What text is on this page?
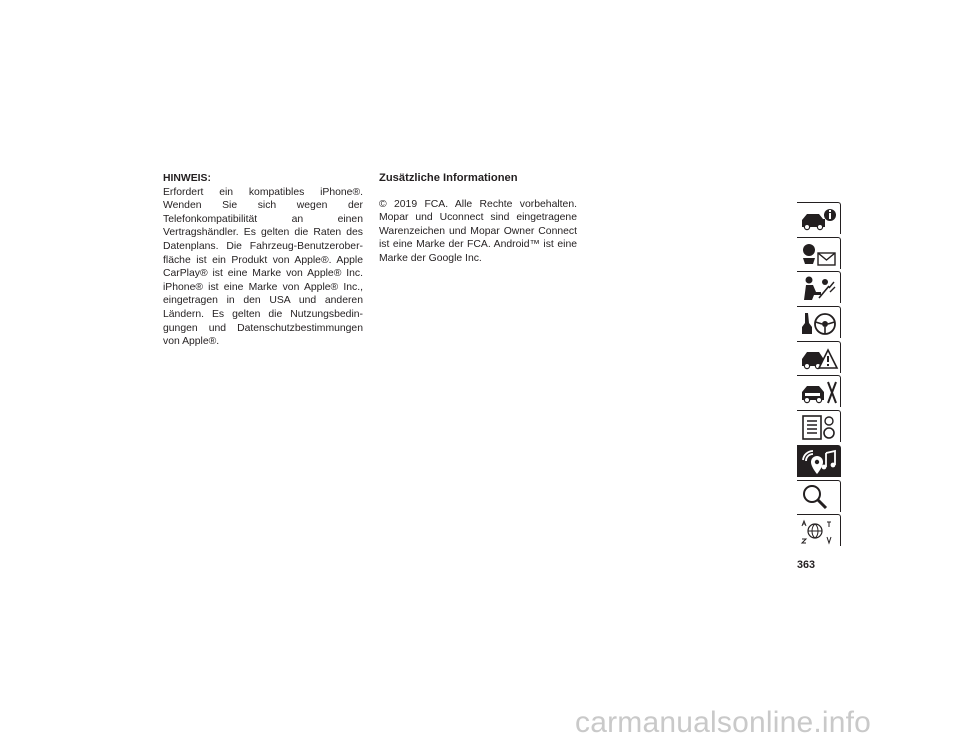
HINWEIS:

Erfordert ein kompatibles iPhone®. Wenden Sie sich wegen der Telefonkompatibilität an einen Vertragshändler. Es gelten die Raten des Datenplans. Die Fahrzeug-Benutzerober-fläche ist ein Produkt von Apple®. Apple CarPlay® ist eine Marke von Apple® Inc. iPhone® ist eine Marke von Apple® Inc., eingetragen in den USA und anderen Ländern. Es gelten die Nutzungsbedin-gungen und Datenschutzbestimmungen von Apple®.

Zusätzliche Informationen

© 2019 FCA. Alle Rechte vorbehalten. Mopar und Uconnect sind eingetragene Warenzeichen und Mopar Owner Connect ist eine Marke der FCA. Android™ ist eine Marke der Google Inc.

363
carmanualsonline.info
